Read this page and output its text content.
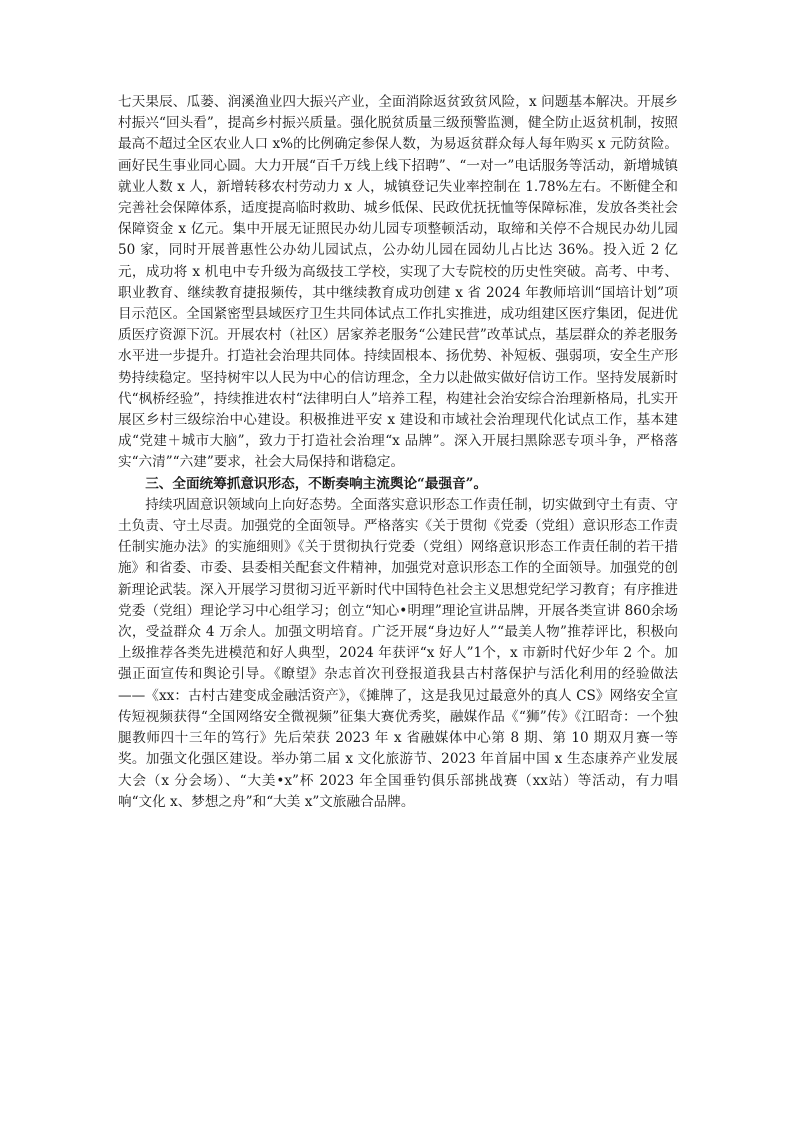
七天果辰、瓜蒌、润溪渔业四大振兴产业，全面消除返贫致贫风险，x 问题基本解决。开展乡村振兴“回头看”，提高乡村振兴质量。强化脱贫质量三级预警监测，健全防止返贫机制，按照最高不超过全区农业人口 x%的比例确定参保人数，为易返贫群众每人每年购买 x 元防贫险。画好民生事业同心圆。大力开展“百千万线上线下招聘”、“一对一”电话服务等活动，新增城镇就业人数 x 人，新增转移农村劳动力 x 人，城镇登记失业率控制在 1.78%左右。不断健全和完善社会保障体系，适度提高临时救助、城乡低保、民政优抚抚恤等保障标准，发放各类社会保障资金 x 亿元。集中开展无证照民办幼儿园专项整顿活动，取缔和关停不合规民办幼儿园 50 家，同时开展普惠性公办幼儿园试点，公办幼儿园在园幼儿占比达 36%。投入近 2 亿元，成功将 x 机电中专升级为高级技工学校，实现了大专院校的历史性突破。高考、中考、职业教育、继续教育捷报频传，其中继续教育成功创建 x 省 2024 年教师培训“国培计划”项目示范区。全国紧密型县域医疗卫生共同体试点工作扎实推进，成功组建区医疗集团，促进优质医疗资源下沉。开展农村（社区）居家养老服务“公建民营”改革试点，基层群众的养老服务水平进一步提升。打造社会治理共同体。持续固根本、扬优势、补短板、强弱项，安全生产形势持续稳定。坚持树牢以人民为中心的信访理念，全力以赴做实做好信访工作。坚持发展新时代“枫桥经验”，持续推进农村“法律明白人”培养工程，构建社会治安综合治理新格局，扎实开展区乡村三级综治中心建设。积极推进平安 x 建设和市域社会治理现代化试点工作，基本建成“党建＋城市大脑”，致力于打造社会治理“x 品牌”。深入开展扫黑除恶专项斗争，严格落实“六清”“六建”要求，社会大局保持和谐稳定。

三、全面统筹抓意识形态，不断奏响主流舆论“最强音”。

持续巩固意识领域向上向好态势。全面落实意识形态工作责任制，切实做到守土有责、守土负责、守土尽责。加强党的全面领导。严格落实《关于贯彻《党委（党组）意识形态工作责任制实施办法》的实施细则》《关于贯彻执行党委（党组）网络意识形态工作责任制的若干措施》和省委、市委、县委相关配套文件精神，加强党对意识形态工作的全面领导。加强党的创新理论武装。深入开展学习贯彻习近平新时代中国特色社会主义思想党纪学习教育；有序推进党委（党组）理论学习中心组学习；创立“知心•明理”理论宣讲品牌，开展各类宣讲 860余场次，受益群众 4 万余人。加强文明培育。广泛开展“身边好人”“最美人物”推荐评比，积极向上级推荐各类先进模范和好人典型，2024 年获评“x 好人”1个，x 市新时代好少年 2 个。加强正面宣传和舆论引导。《瞭望》杂志首次刊登报道我县古村落保护与活化利用的经验做法——《xx：古村古建变成金融活资产》，《摊牌了，这是我见过最意外的真人 CS》网络安全宣传短视频获得“全国网络安全微视频”征集大赛优秀奖，融媒作品《“狮”传》《江昭奇：一个独腿教师四十三年的笃行》先后荣获 2023 年 x 省融媒体中心第 8 期、第 10 期双月赛一等奖。加强文化强区建设。举办第二届 x 文化旅游节、2023 年首届中国 x 生态康养产业发展大会（x 分会场）、“大美•x”杯 2023 年全国垂钓俱乐部挑战赛（xx站）等活动，有力唱响“文化 x、梦想之舟”和“大美 x”文旅融合品牌。
